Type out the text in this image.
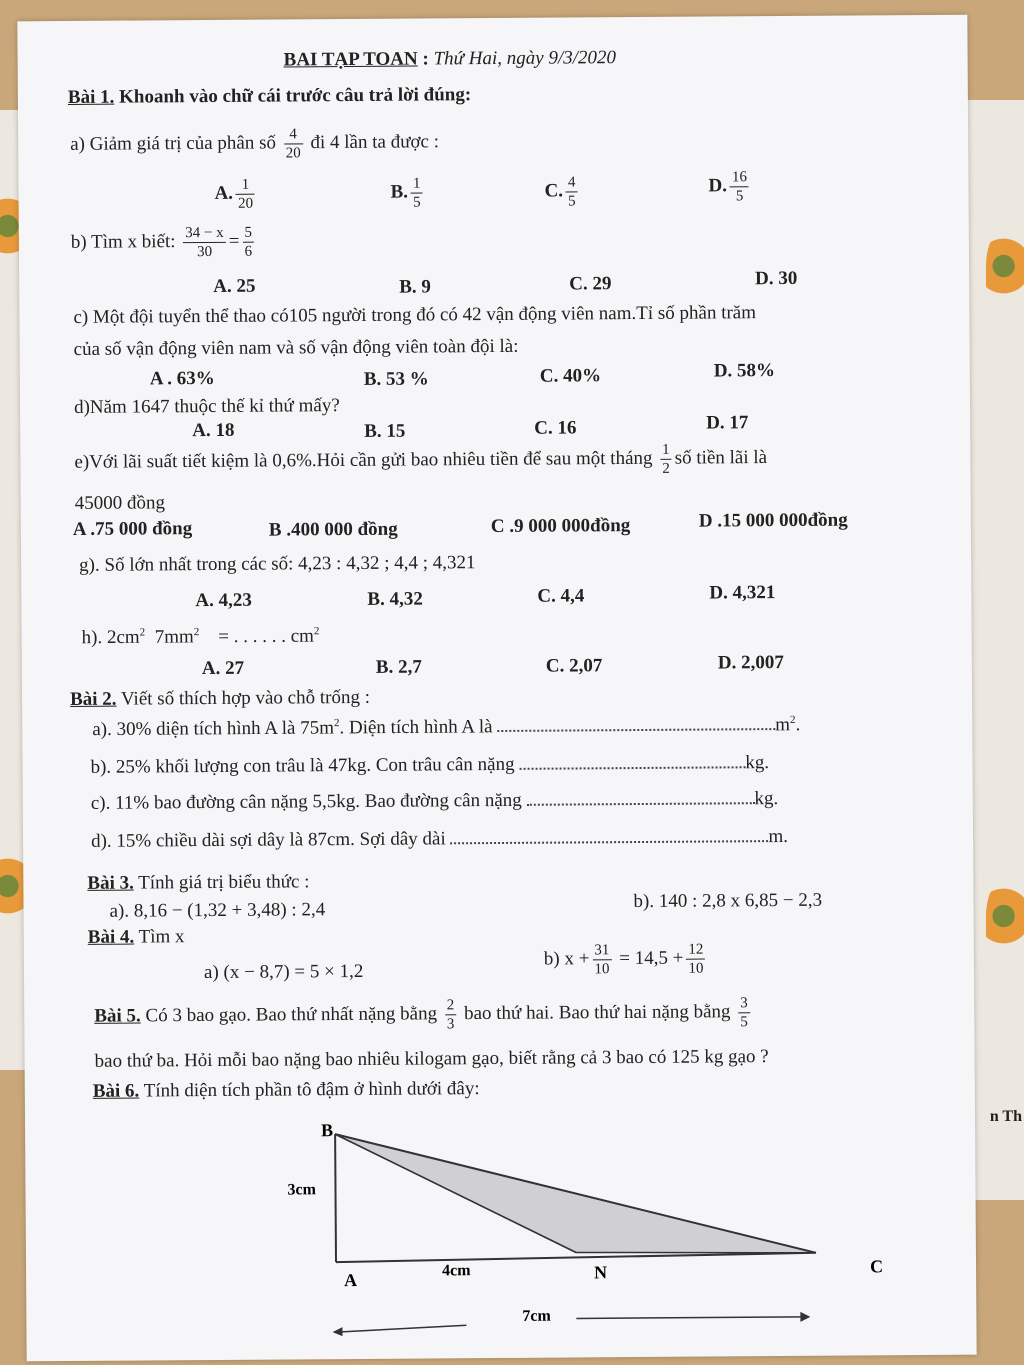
n Th
BAI TẠP TOAN : Thứ Hai, ngày 9/3/2020
Bài 1. Khoanh vào chữ cái trước câu trả lời đúng:
a) Giảm giá trị của phân số $\frac{4}{20}$ đi 4 lần ta được :
A. $\frac{1}{20}$	B. $\frac{1}{5}$	C. $\frac{4}{5}$	D. $\frac{16}{5}$
b) Tìm x biết: $\frac{34 - x}{30} = \frac{5}{6}$
A. 25	B. 9	C. 29	D. 30
c) Một đội tuyển thể thao có105 người trong đó có 42 vận động viên nam.Tỉ số phần trăm
của số vận động viên nam và số vận động viên toàn đội là:
A . 63%	B. 53 %	C. 40%	D. 58%
d)Năm 1647 thuộc thế kỉ thứ mấy?
A. 18	B. 15	C. 16	D. 17
e)Với lãi suất tiết kiệm là 0,6%.Hỏi cần gửi bao nhiêu tiền để sau một tháng $\frac{1}{2}$ số tiền lãi là
45000 đồng
A .75 000 đồng	B .400 000 đồng	C .9 000 000đồng	D .15 000 000đồng
g). Số lớn nhất trong các số: 4,23 : 4,32 ; 4,4 ; 4,321
A. 4,23	B. 4,32	C. 4,4	D. 4,321
h). $2cm^2$ $7mm^2$ = . . . . . . $cm^2$
A. 27	B. 2,7	C. 2,07	D. 2,007
Bài 2. Viết số thích hợp vào chỗ trống :
a). 30% diện tích hình A là $75m^2$. Diện tích hình A là	$m^2$.
b). 25% khối lượng con trâu là 47kg. Con trâu cân nặng	kg.
c). 11% bao đường cân nặng 5,5kg. Bao đường cân nặng	kg.
d). 15% chiều dài sợi dây là 87cm. Sợi dây dài	m.
Bài 3. Tính giá trị biểu thức :
a). 8,16 − (1,32 + 3,48) : 2,4	b). 140 : 2,8 x 6,85 − 2,3
Bài 4. Tìm x
a) (x − 8,7) = 5 × 1,2
b) $x + \frac{31}{10} = 14,5 + \frac{12}{10}$
Bài 5. Có 3 bao gạo. Bao thứ nhất nặng bằng $\frac{2}{3}$ bao thứ hai. Bao thứ hai nặng bằng $\frac{3}{5}$
bao thứ ba. Hỏi mỗi bao nặng bao nhiêu kilogam gạo, biết rằng cả 3 bao có 125 kg gạo ?
Bài 6. Tính diện tích phần tô đậm ở hình dưới đây:
B
A	N	C
3cm
4cm
7cm
